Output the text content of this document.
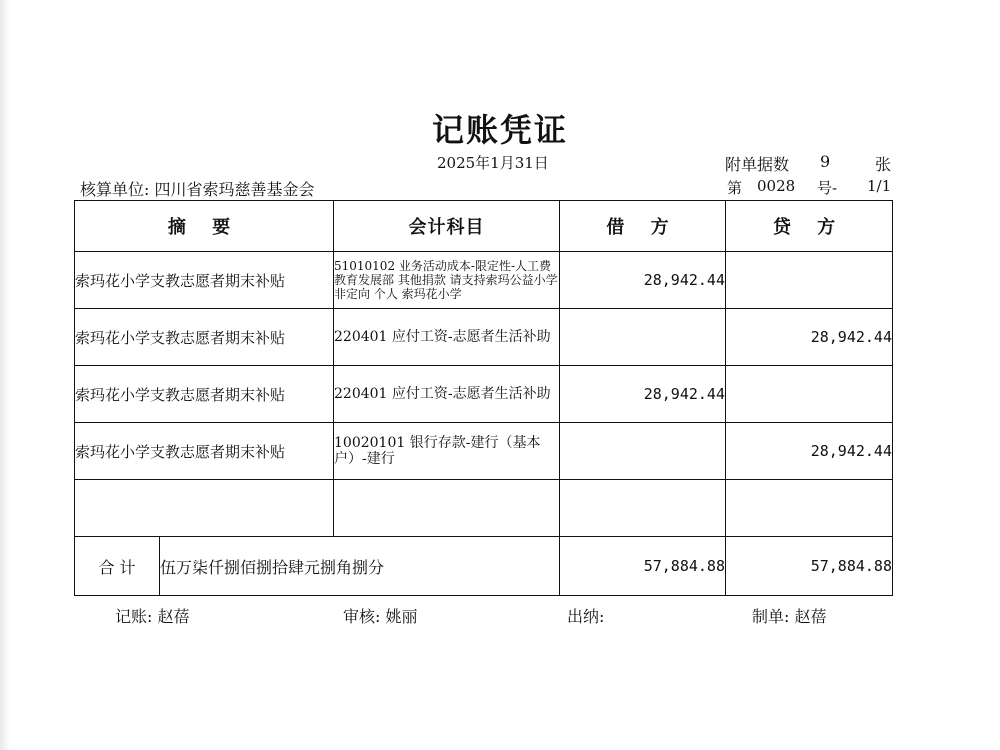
记账凭证
2025年1月31日	附单据数 9	张
核算单位: 四川省索玛慈善基金会	第 0028 号- 1/1
摘 要	会计科目	借 方	贷 方
索玛花小学支教志愿者期末补贴	51010102 业务活动成本-限定性-人工费 教育发展部 其他捐款 请支持索玛公益小学 非定向 个人 索玛花小学	28,942.44	
索玛花小学支教志愿者期末补贴	220401 应付工资-志愿者生活补助		28,942.44
索玛花小学支教志愿者期末补贴	220401 应付工资-志愿者生活补助	28,942.44	
索玛花小学支教志愿者期末补贴	10020101 银行存款-建行（基本户）-建行		28,942.44

合 计 伍万柒仟捌佰捌拾肆元捌角捌分		57,884.88	57,884.88
记账: 赵蓓	审核: 姚丽	出纳:	制单: 赵蓓
